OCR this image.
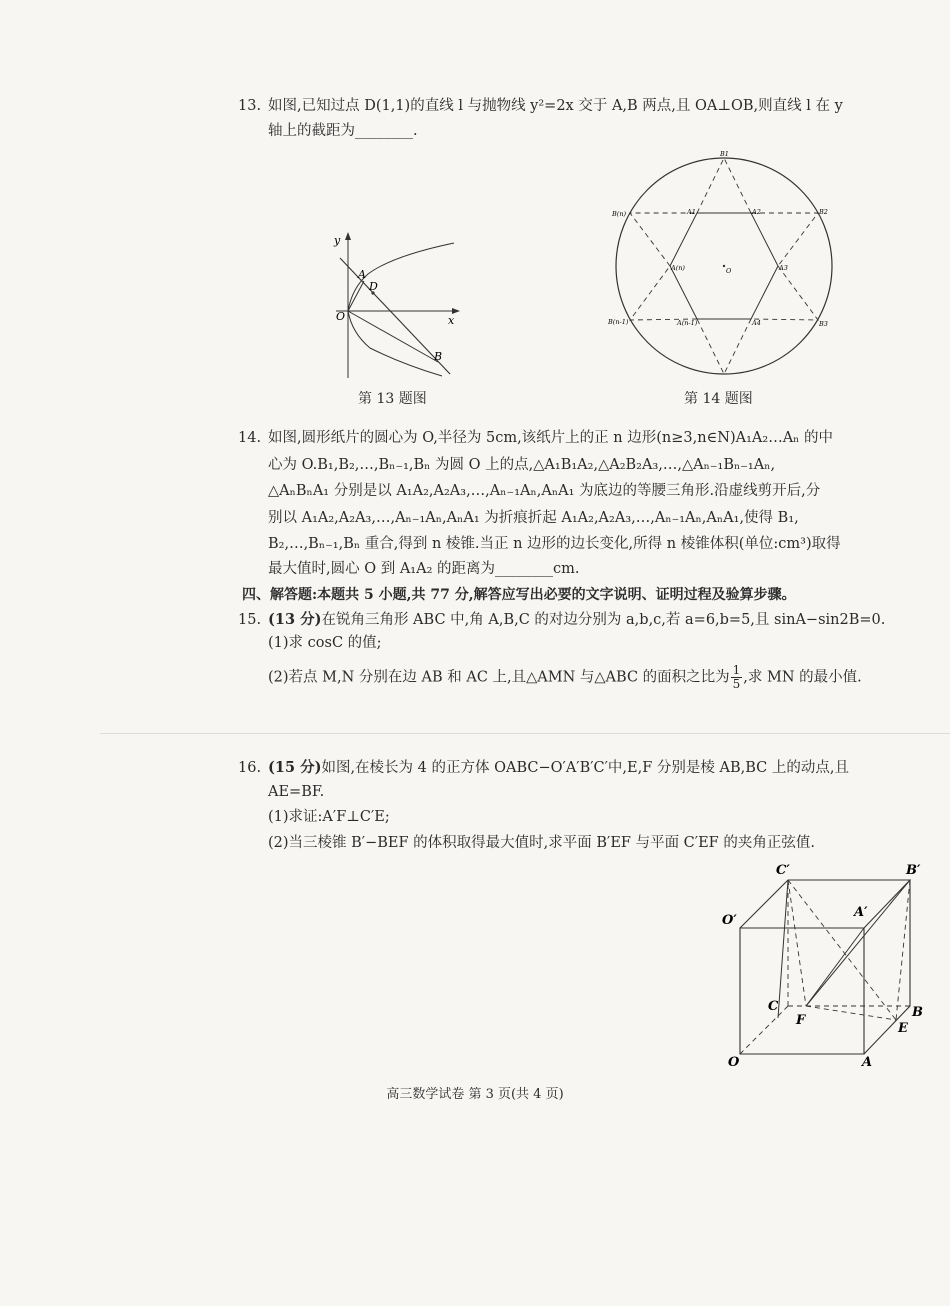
13. 如图,已知过点 D(1,1)的直线 l 与抛物线 y²=2x 交于 A,B 两点,且 OA⊥OB,则直线 l 在 y
轴上的截距为________.
y
x
O
A
D
B
第 13 题图
B1
B2
B3
B(n)
B(n-1)
A1	A2
A3
A(n)
A(n-1)	A4
O
第 14 题图
14. 如图,圆形纸片的圆心为 O,半径为 5cm,该纸片上的正 n 边形(n≥3,n∈N)A₁A₂…Aₙ 的中
心为 O.B₁,B₂,…,Bₙ₋₁,Bₙ 为圆 O 上的点,△A₁B₁A₂,△A₂B₂A₃,…,△Aₙ₋₁Bₙ₋₁Aₙ,
△AₙBₙA₁ 分别是以 A₁A₂,A₂A₃,…,Aₙ₋₁Aₙ,AₙA₁ 为底边的等腰三角形.沿虚线剪开后,分
别以 A₁A₂,A₂A₃,…,Aₙ₋₁Aₙ,AₙA₁ 为折痕折起 A₁A₂,A₂A₃,…,Aₙ₋₁Aₙ,AₙA₁,使得 B₁,
B₂,…,Bₙ₋₁,Bₙ 重合,得到 n 棱锥.当正 n 边形的边长变化,所得 n 棱锥体积(单位:cm³)取得
最大值时,圆心 O 到 A₁A₂ 的距离为________cm.
四、解答题:本题共 5 小题,共 77 分,解答应写出必要的文字说明、证明过程及验算步骤。
15. (13 分)在锐角三角形 ABC 中,角 A,B,C 的对边分别为 a,b,c,若 a=6,b=5,且 sinA−sin2B=0.
(1)求 cosC 的值;
(2)若点 M,N 分别在边 AB 和 AC 上,且△AMN 与△ABC 的面积之比为 $\frac{1}{5}$ ,求 MN 的最小值.
16. (15 分)如图,在棱长为 4 的正方体 OABC−O′A′B′C′中,E,F 分别是棱 AB,BC 上的动点,且
AE=BF.
(1)求证:A′F⊥C′E;
(2)当三棱锥 B′−BEF 的体积取得最大值时,求平面 B′EF 与平面 C′EF 的夹角正弦值.
C′	B′
O′
A′
C	B
F
E
O	A
高三数学试卷 第 3 页(共 4 页)
